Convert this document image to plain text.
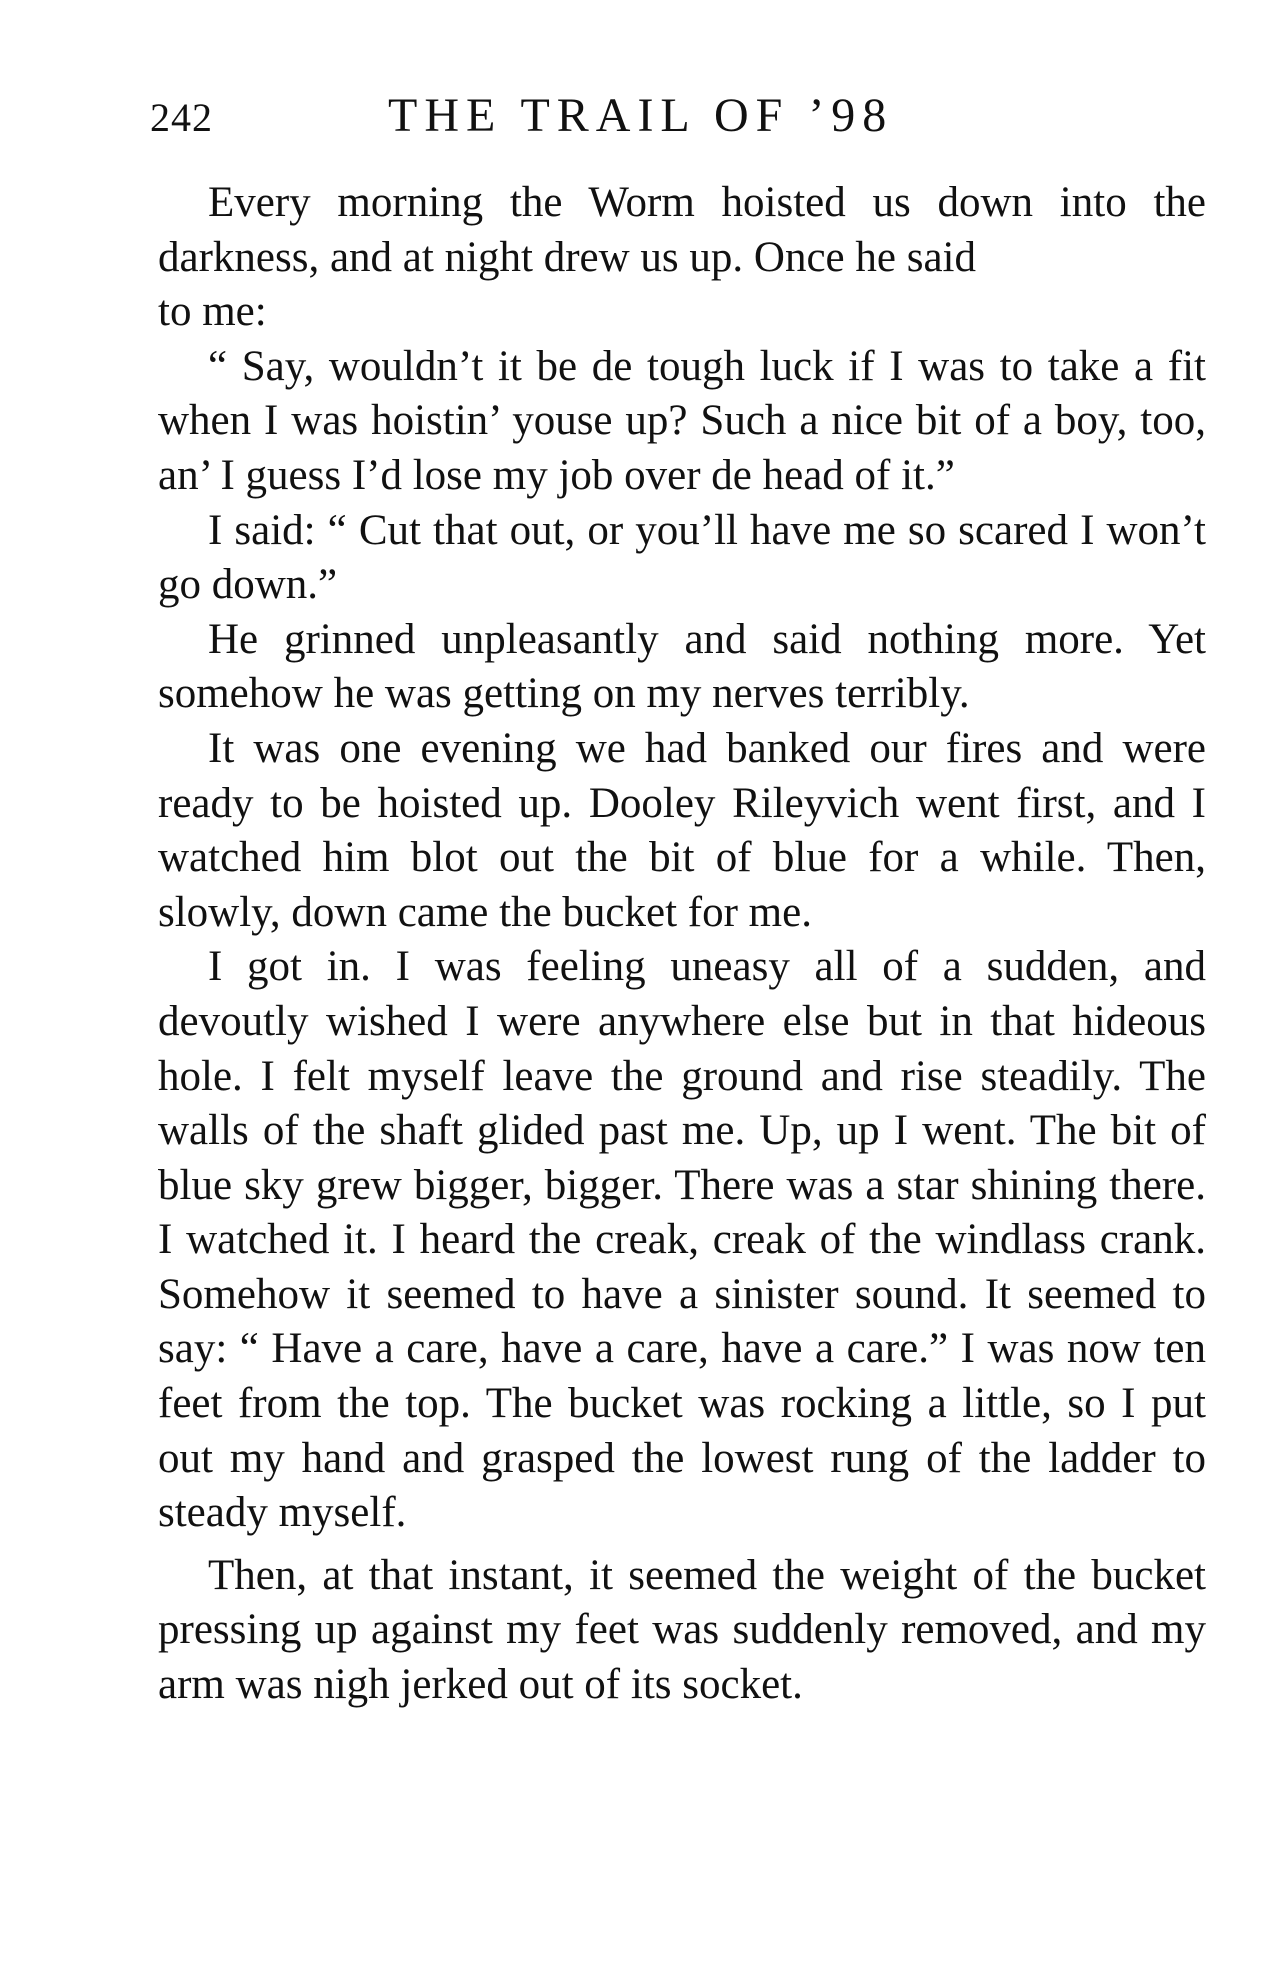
242	THE TRAIL OF ’98

Every morning the Worm hoisted us down into the darkness, and at night drew us up. Once he said

to me:

“ Say, wouldn’t it be de tough luck if I was to take a fit when I was hoistin’ youse up? Such a nice bit of a boy, too, an’ I guess I’d lose my job over de head of it.”

I said: “ Cut that out, or you’ll have me so scared I won’t go down.”

He grinned unpleasantly and said nothing more. Yet somehow he was getting on my nerves terribly.

It was one evening we had banked our fires and were ready to be hoisted up. Dooley Rileyvich went first, and I watched him blot out the bit of blue for a while. Then, slowly, down came the bucket for me.

I got in. I was feeling uneasy all of a sudden, and devoutly wished I were anywhere else but in that hideous hole. I felt myself leave the ground and rise steadily. The walls of the shaft glided past me. Up, up I went. The bit of blue sky grew bigger, bigger. There was a star shining there. I watched it. I heard the creak, creak of the windlass crank. Somehow it seemed to have a sinister sound. It seemed to say: “ Have a care, have a care, have a care.” I was now ten feet from the top. The bucket was rocking a little, so I put out my hand and grasped the lowest rung of the ladder to steady myself.

Then, at that instant, it seemed the weight of the bucket pressing up against my feet was suddenly removed, and my arm was nigh jerked out of its socket.
